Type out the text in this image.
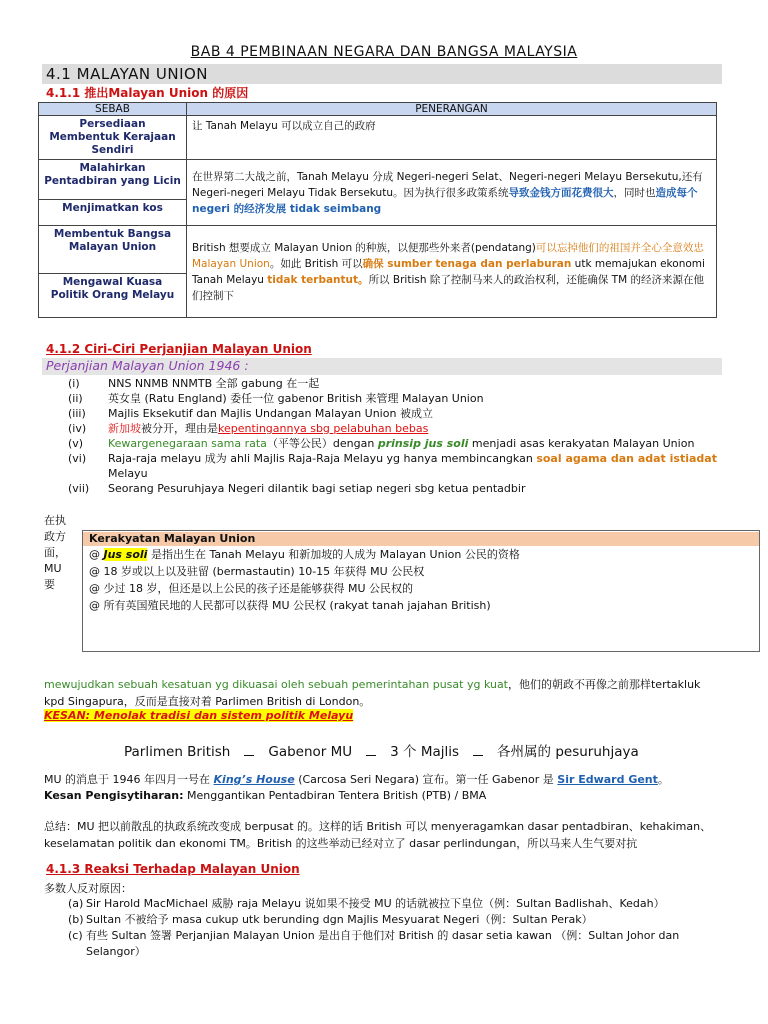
BAB 4 PEMBINAAN NEGARA DAN BANGSA MALAYSIA
4.1 MALAYAN UNION
4.1.1 推出Malayan Union 的原因
SEBAB	PENERANGAN
Persediaan Membentuk Kerajaan Sendiri	让 Tanah Melayu 可以成立自己的政府
Malahirkan Pentadbiran yang Licin	在世界第二大战之前，Tanah Melayu 分成 Negeri-negeri Selat、Negeri-negeri Melayu Bersekutu,还有 Negeri-negeri Melayu Tidak Bersekutu。因为执行很多政策系统导致金钱方面花费很大，同时也造成每个 negeri 的经济发展 tidak seimbang
Menjimatkan kos	
Membentuk Bangsa Malayan Union	British 想要成立 Malayan Union 的种族，以便那些外来者(pendatang)可以忘掉他们的祖国并全心全意效忠 Malayan Union。如此 British 可以确保 sumber tenaga dan perlaburan utk memajukan ekonomi Tanah Melayu tidak terbantut。所以 British 除了控制马来人的政治权利，还能确保 TM 的经济来源在他们控制下
Mengawal Kuasa Politik Orang Melayu	
4.1.2 Ciri-Ciri Perjanjian Malayan Union
Perjanjian Malayan Union 1946 :
(i)	NNS NNMB NNMTB 全部 gabung 在一起
(ii) 英女皇 (Ratu England) 委任一位 gabenor British 来管理 Malayan Union
(iii) Majlis Eksekutif dan Majlis Undangan Malayan Union 被成立
(iv) 新加坡被分开，理由是kepentingannya sbg pelabuhan bebas
(v) Kewargenegaraan sama rata（平等公民）dengan prinsip jus soli menjadi asas kerakyatan Malayan Union
(vi) Raja-raja melayu 成为 ahli Majlis Raja-Raja Melayu yg hanya membincangkan soal agama dan adat istiadat Melayu
(vii) Seorang Pesuruhjaya Negeri dilantik bagi setiap negeri sbg ketua pentadbir
在执政方面，MU要
Kerakyatan Malayan Union
@ Jus soli 是指出生在 Tanah Melayu 和新加坡的人成为 Malayan Union 公民的资格
@ 18 岁或以上以及驻留 (bermastautin) 10-15 年获得 MU 公民权
@ 少过 18 岁，但还是以上公民的孩子还是能够获得 MU 公民权的
@ 所有英国殖民地的人民都可以获得 MU 公民权 (rakyat tanah jajahan British)
mewujudkan sebuah kesatuan yg dikuasai oleh sebuah pemerintahan pusat yg kuat，他们的朝政不再像之前那样tertakluk kpd Singapura，反而是直接对着 Parlimen British di London。
KESAN: Menolak tradisi dan sistem politik Melayu
Parlimen British	Gabenor MU	3 个 Majlis	各州属的 pesuruhjaya
MU 的消息于 1946 年四月一号在 King’s House (Carcosa Seri Negara) 宣布。第一任 Gabenor 是 Sir Edward Gent。
Kesan Pengisytiharan: Menggantikan Pentadbiran Tentera British (PTB) / BMA
总结：MU 把以前散乱的执政系统改变成 berpusat 的。这样的话 British 可以 menyeragamkan dasar pentadbiran、kehakiman、keselamatan politik dan ekonomi TM。British 的这些举动已经对立了 dasar perlindungan，所以马来人生气要对抗
4.1.3 Reaksi Terhadap Malayan Union
多数人反对原因：
(a) Sir Harold MacMichael 威胁 raja Melayu 说如果不接受 MU 的话就被拉下皇位（例：Sultan Badlishah、Kedah）
(b) Sultan 不被给予 masa cukup utk berunding dgn Majlis Mesyuarat Negeri（例：Sultan Perak）
(c) 有些 Sultan 签署 Perjanjian Malayan Union 是出自于他们对 British 的 dasar setia kawan （例：Sultan Johor dan Selangor）
